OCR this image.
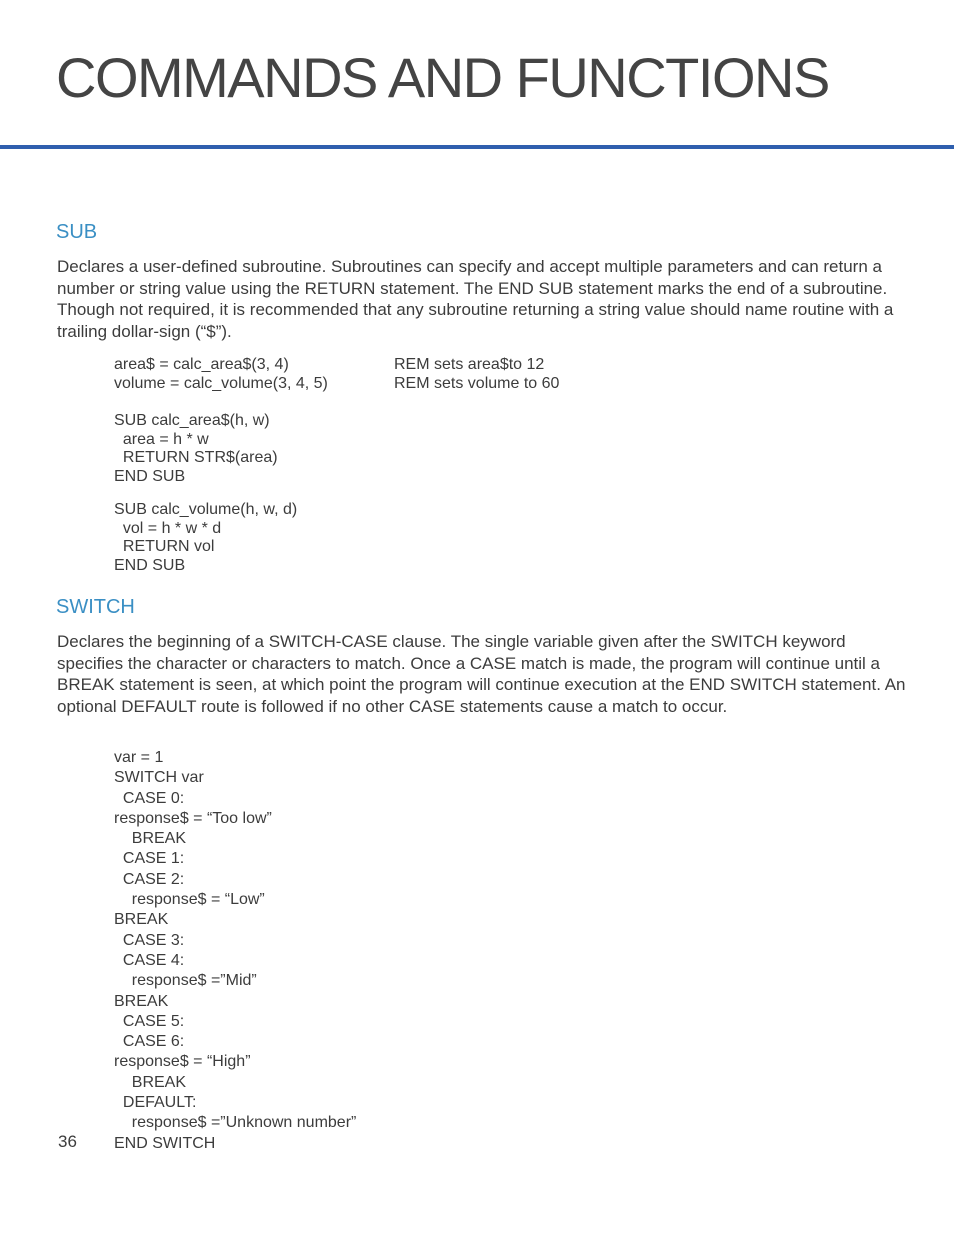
COMMANDS AND FUNCTIONS
SUB

Declares a user-defined subroutine. Subroutines can specify and accept multiple parameters and can return a number or string value using the RETURN statement. The END SUB statement marks the end of a subroutine. Though not required, it is recommended that any subroutine returning a string value should name routine with a trailing dollar-sign (“$”).

area$ = calc_area$(3, 4)	REM sets area$to 12
volume = calc_volume(3, 4, 5)	REM sets volume to 60
SUB calc_area$(h, w)
area = h * w
RETURN STR$(area)
END SUB
SUB calc_volume(h, w, d)
vol = h * w * d
RETURN vol
END SUB
SWITCH

Declares the beginning of a SWITCH-CASE clause. The single variable given after the SWITCH keyword specifies the character or characters to match. Once a CASE match is made, the program will continue until a BREAK statement is seen, at which point the program will continue execution at the END SWITCH statement. An optional DEFAULT route is followed if no other CASE statements cause a match to occur.

var = 1
SWITCH var
CASE 0:
response$ = “Too low”
BREAK
CASE 1:
CASE 2:
response$ = “Low”
BREAK
CASE 3:
CASE 4:
response$ =”Mid”
BREAK
CASE 5:
CASE 6:
response$ = “High”
BREAK
DEFAULT:
response$ =”Unknown number”
END SWITCH
36
